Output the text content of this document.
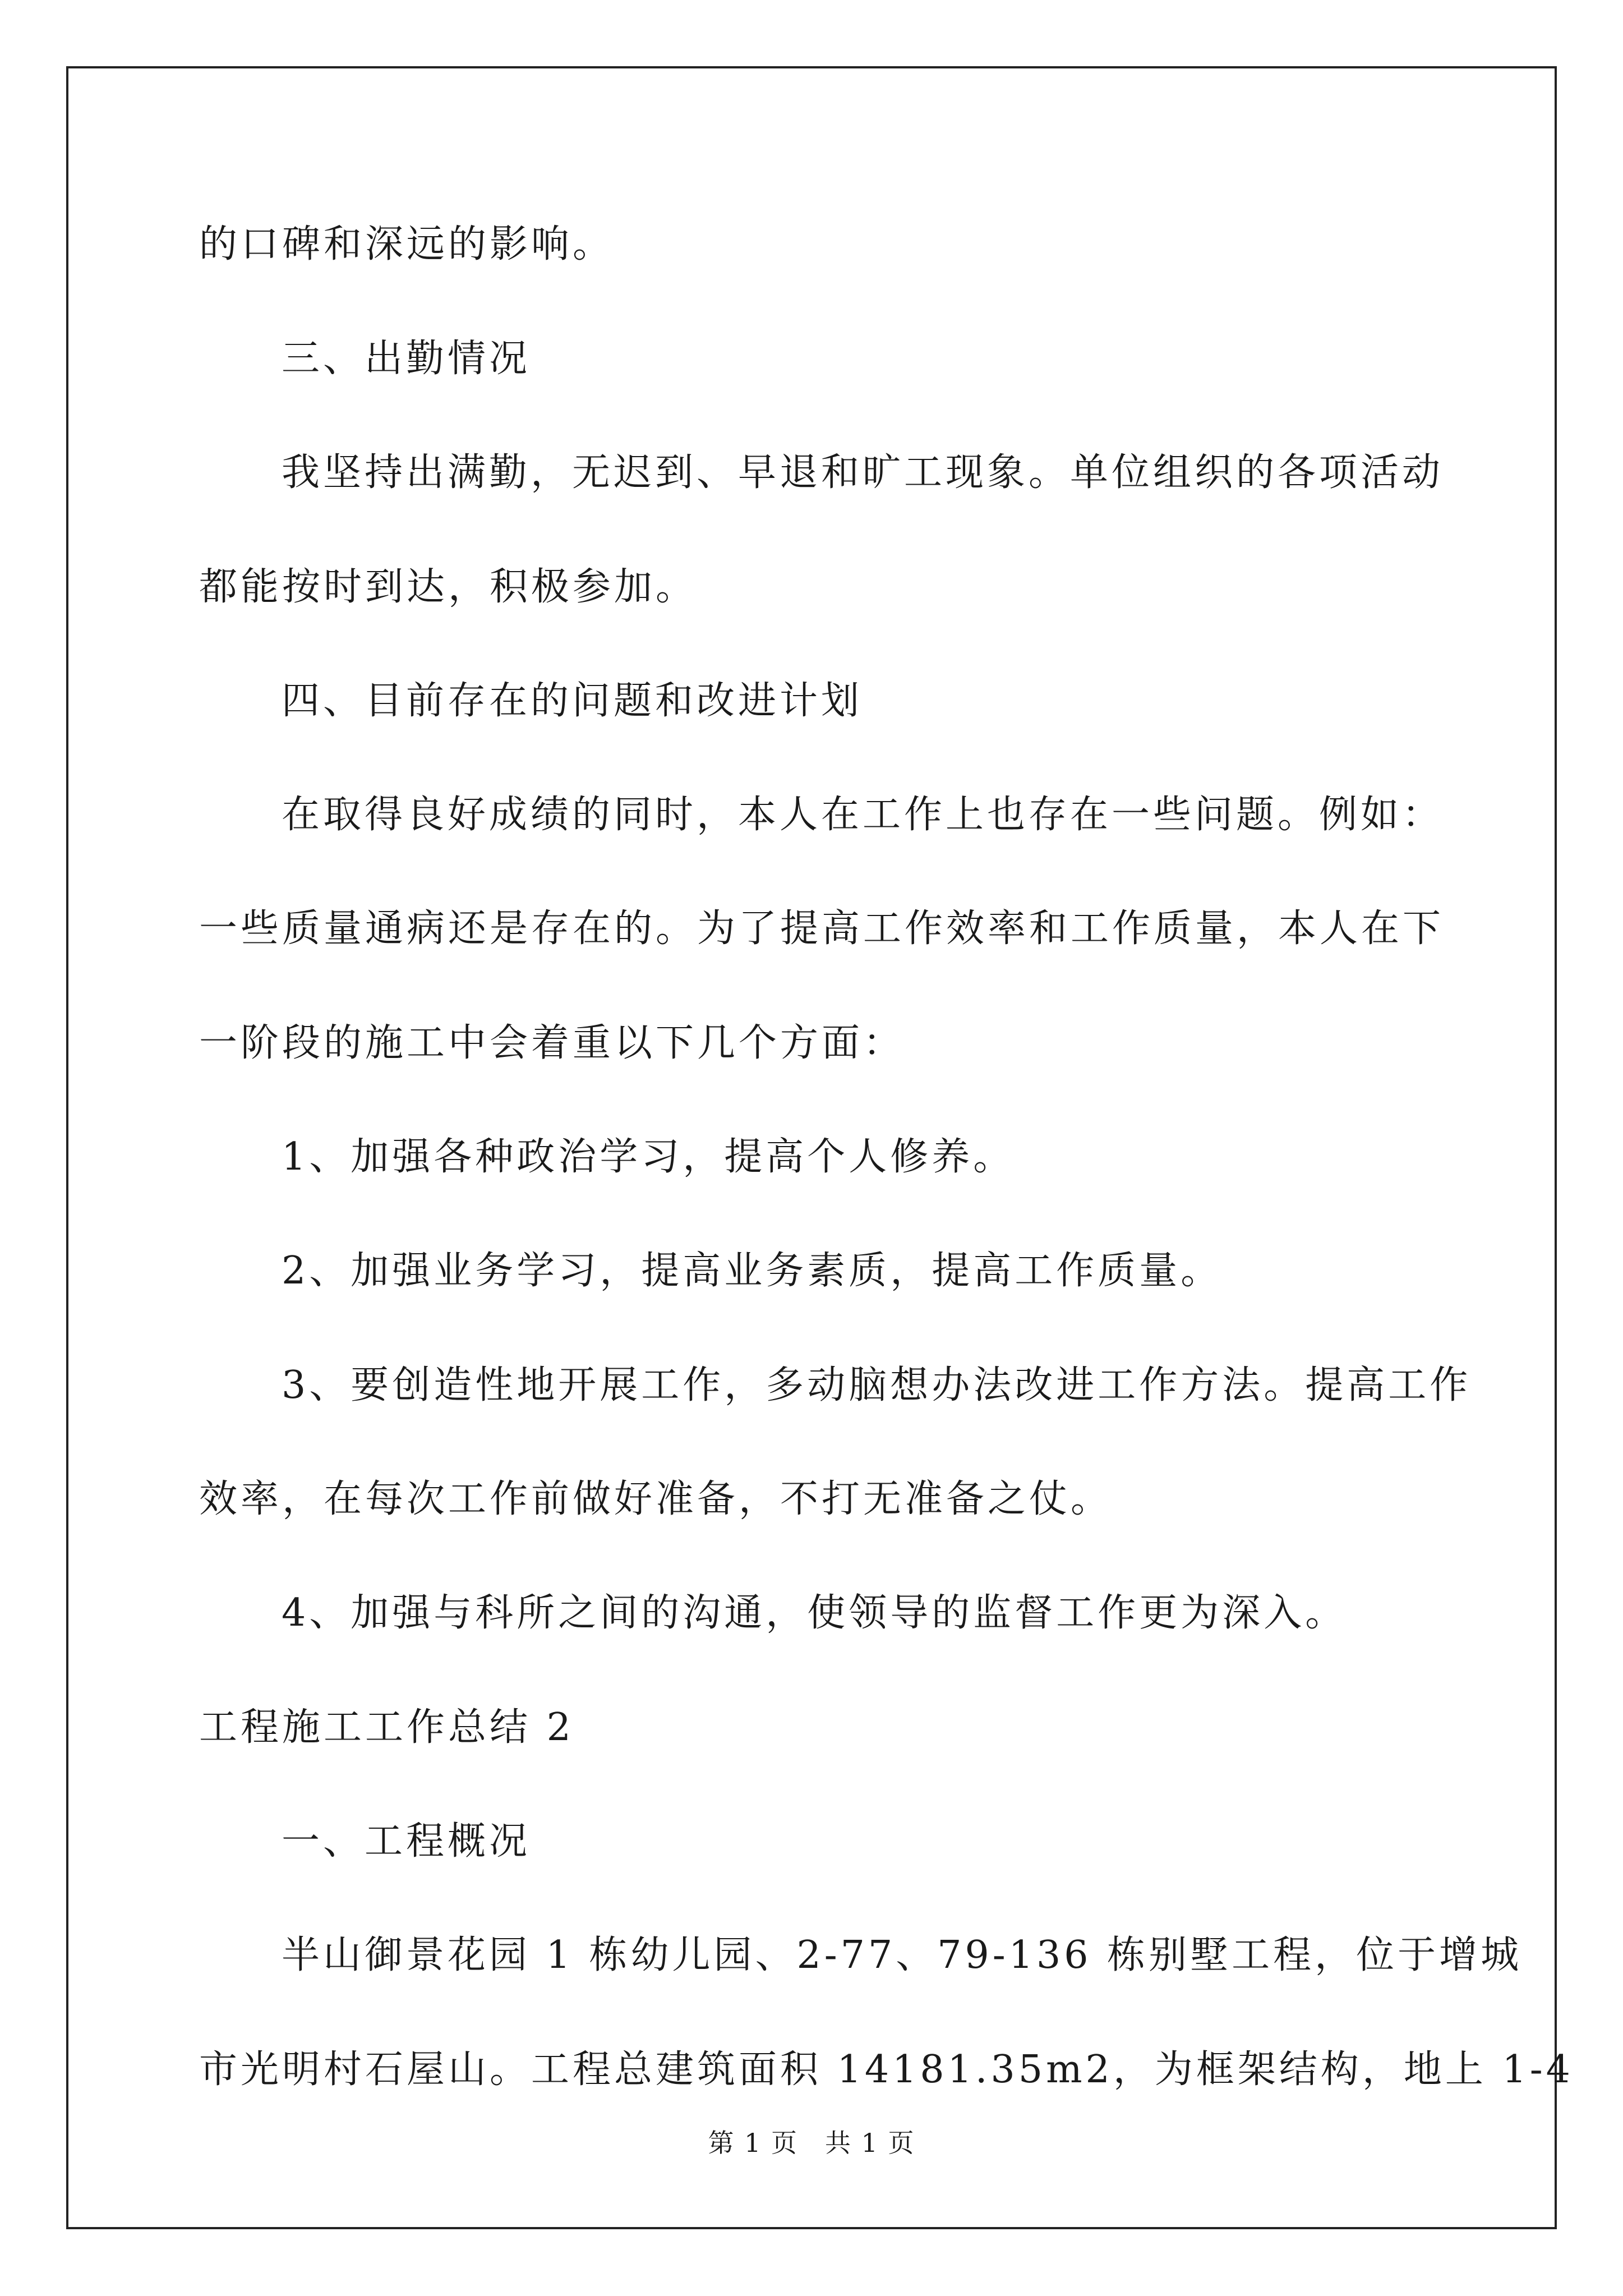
的口碑和深远的影响。
三、出勤情况
我坚持出满勤，无迟到、早退和旷工现象。单位组织的各项活动
都能按时到达，积极参加。
四、目前存在的问题和改进计划
在取得良好成绩的同时，本人在工作上也存在一些问题。例如：
一些质量通病还是存在的。为了提高工作效率和工作质量，本人在下
一阶段的施工中会着重以下几个方面：
1、加强各种政治学习，提高个人修养。
2、加强业务学习，提高业务素质，提高工作质量。
3、要创造性地开展工作，多动脑想办法改进工作方法。提高工作
效率，在每次工作前做好准备，不打无准备之仗。
4、加强与科所之间的沟通，使领导的监督工作更为深入。
工程施工工作总结 2
一、工程概况
半山御景花园 1 栋幼儿园、2-77、79-136 栋别墅工程，位于增城
市光明村石屋山。工程总建筑面积 14181.35m2，为框架结构，地上 1-4
第 1 页　共 1 页
